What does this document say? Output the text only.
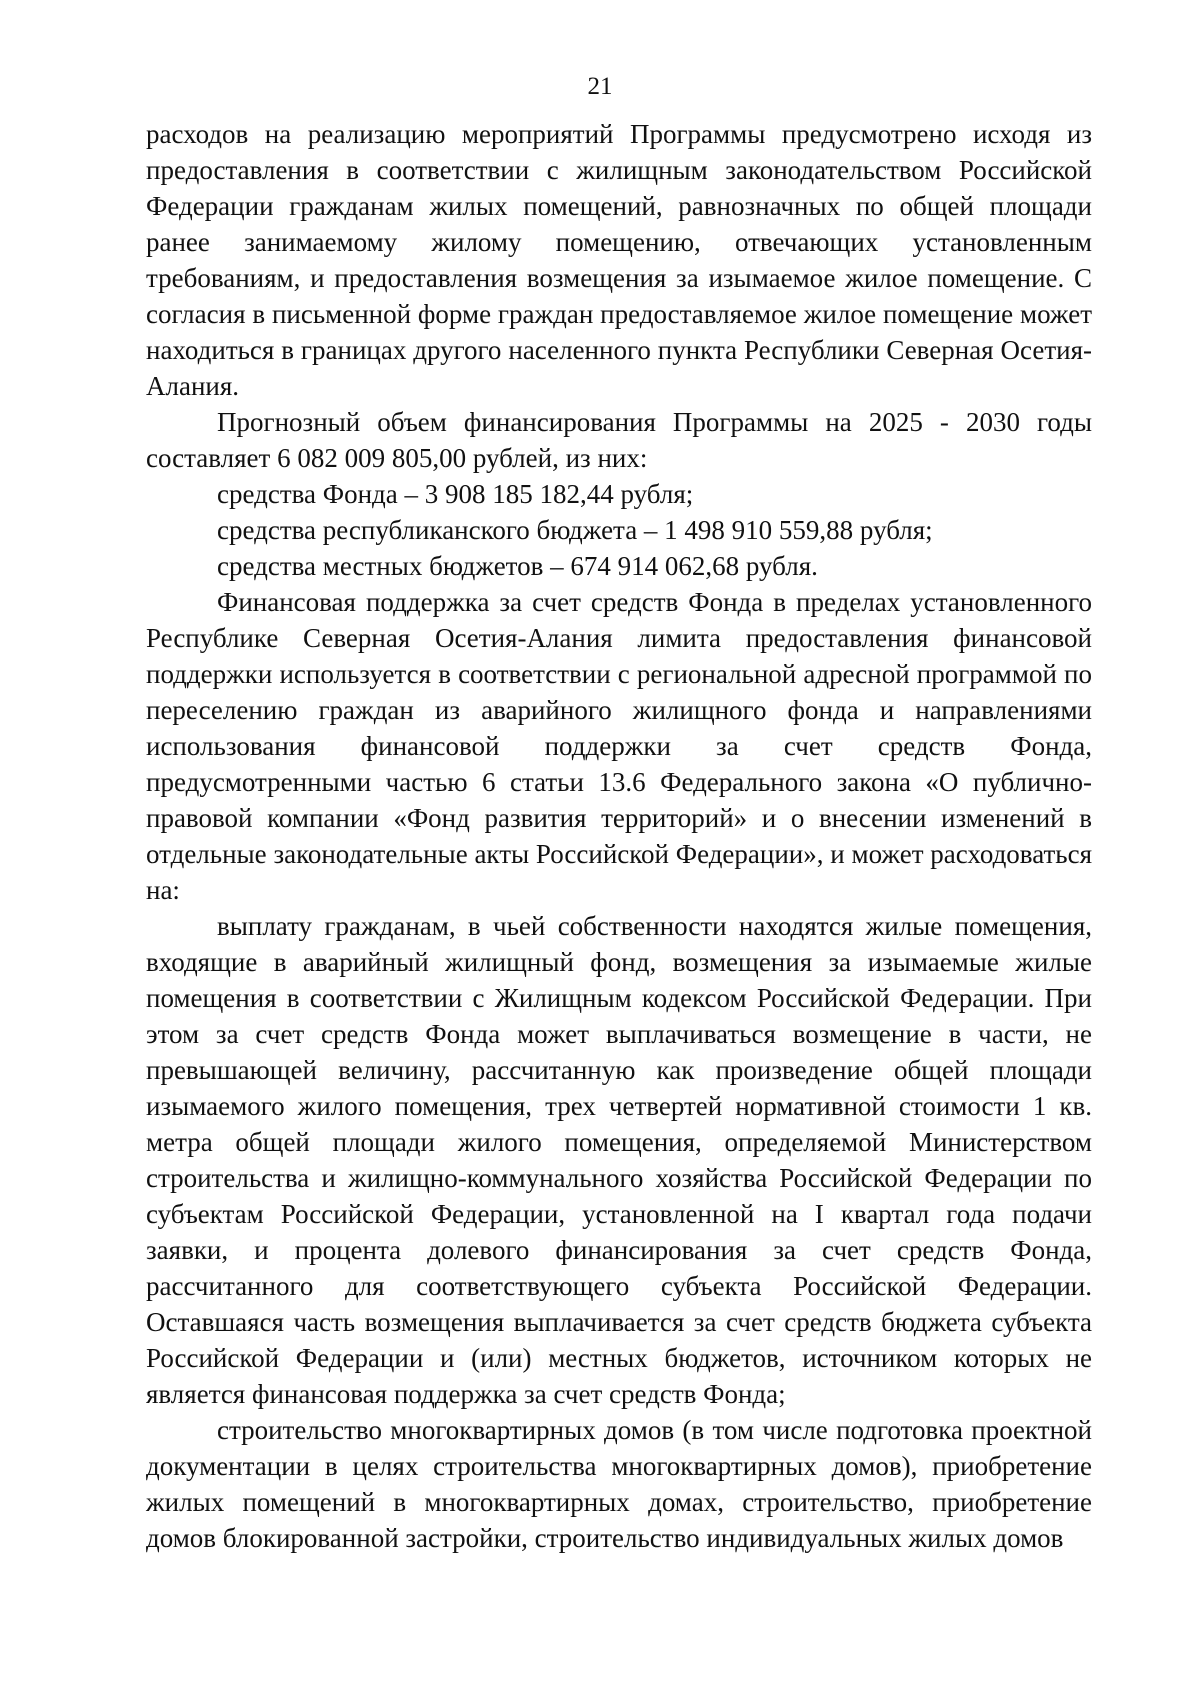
21

расходов на реализацию мероприятий Программы предусмотрено исходя из предоставления в соответствии с жилищным законодательством Российской Федерации гражданам жилых помещений, равнозначных по общей площади ранее занимаемому жилому помещению, отвечающих установленным требованиям, и предоставления возмещения за изымаемое жилое помещение. С согласия в письменной форме граждан предоставляемое жилое помещение может находиться в границах другого населенного пункта Республики Северная Осетия-Алания.

Прогнозный объем финансирования Программы на 2025 - 2030 годы составляет 6 082 009 805,00 рублей, из них:

средства Фонда – 3 908 185 182,44 рубля;

средства республиканского бюджета – 1 498 910 559,88 рубля;

средства местных бюджетов – 674 914 062,68 рубля.

Финансовая поддержка за счет средств Фонда в пределах установленного Республике Северная Осетия-Алания лимита предоставления финансовой поддержки используется в соответствии с региональной адресной программой по переселению граждан из аварийного жилищного фонда и направлениями использования финансовой поддержки за счет средств Фонда, предусмотренными частью 6 статьи 13.6 Федерального закона «О публично-правовой компании «Фонд развития территорий» и о внесении изменений в отдельные законодательные акты Российской Федерации», и может расходоваться на:

выплату гражданам, в чьей собственности находятся жилые помещения, входящие в аварийный жилищный фонд, возмещения за изымаемые жилые помещения в соответствии с Жилищным кодексом Российской Федерации. При этом за счет средств Фонда может выплачиваться возмещение в части, не превышающей величину, рассчитанную как произведение общей площади изымаемого жилого помещения, трех четвертей нормативной стоимости 1 кв. метра общей площади жилого помещения, определяемой Министерством строительства и жилищно-коммунального хозяйства Российской Федерации по субъектам Российской Федерации, установленной на I квартал года подачи заявки, и процента долевого финансирования за счет средств Фонда, рассчитанного для соответствующего субъекта Российской Федерации. Оставшаяся часть возмещения выплачивается за счет средств бюджета субъекта Российской Федерации и (или) местных бюджетов, источником которых не является финансовая поддержка за счет средств Фонда;

строительство многоквартирных домов (в том числе подготовка проектной документации в целях строительства многоквартирных домов), приобретение жилых помещений в многоквартирных домах, строительство, приобретение домов блокированной застройки, строительство индивидуальных жилых домов
